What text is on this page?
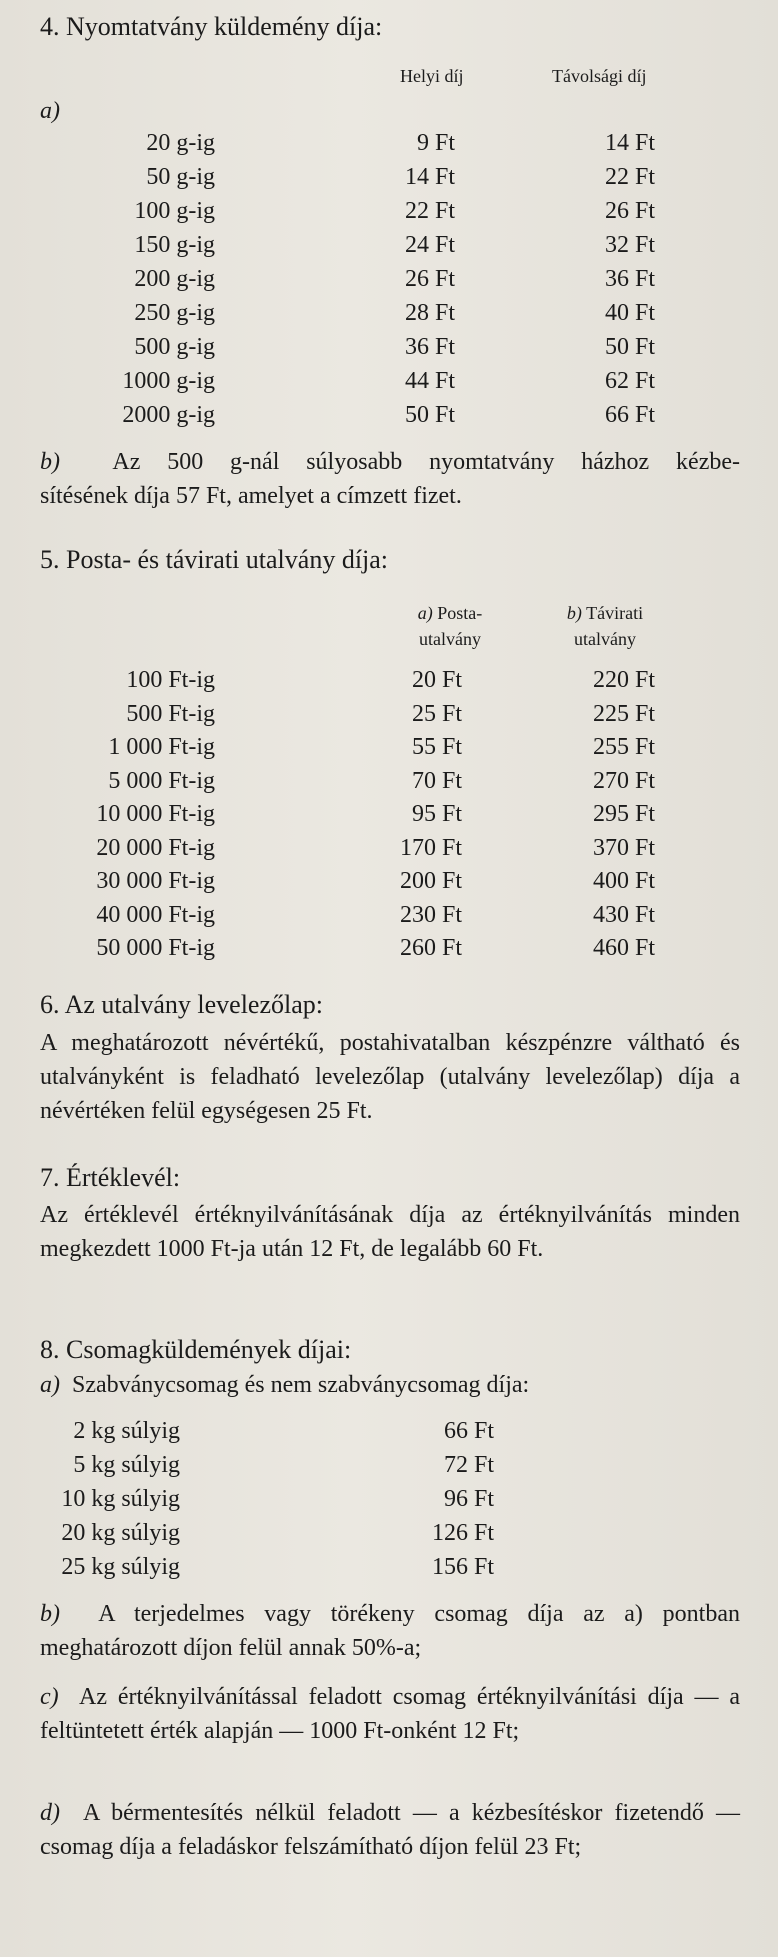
4. Nyomtatvány küldemény díja:
Helyi díj	Távolsági díj
a)
20 g-ig	9 Ft	14 Ft
50 g-ig	14 Ft	22 Ft
100 g-ig	22 Ft	26 Ft
150 g-ig	24 Ft	32 Ft
200 g-ig	26 Ft	36 Ft
250 g-ig	28 Ft	40 Ft
500 g-ig	36 Ft	50 Ft
1000 g-ig	44 Ft	62 Ft
2000 g-ig	50 Ft	66 Ft
b) Az 500 g-nál súlyosabb nyomtatvány házhoz kézbe-
sítésének díja 57 Ft, amelyet a címzett fizet.
5. Posta- és távirati utalvány díja:
a) Posta-
utalvány
b) Távirati
utalvány
100 Ft-ig	20 Ft	220 Ft
500 Ft-ig	25 Ft	225 Ft
1 000 Ft-ig	55 Ft	255 Ft
5 000 Ft-ig	70 Ft	270 Ft
10 000 Ft-ig	95 Ft	295 Ft
20 000 Ft-ig	170 Ft	370 Ft
30 000 Ft-ig	200 Ft	400 Ft
40 000 Ft-ig	230 Ft	430 Ft
50 000 Ft-ig	260 Ft	460 Ft
6. Az utalvány levelezőlap:
A meghatározott névértékű, postahivatalban készpénzre váltható és utalványként is feladható levelezőlap (utalvány levelezőlap) díja a névértéken felül egységesen 25 Ft.
7. Értéklevél:
Az értéklevél értéknyilvánításának díja az értéknyilvánítás minden megkezdett 1000 Ft-ja után 12 Ft, de legalább 60 Ft.
8. Csomagküldemények díjai:
a) Szabványcsomag és nem szabványcsomag díja:
2 kg súlyig	66 Ft
5 kg súlyig	72 Ft
10 kg súlyig	96 Ft
20 kg súlyig	126 Ft
25 kg súlyig	156 Ft
b) A terjedelmes vagy törékeny csomag díja az a) pontban meghatározott díjon felül annak 50%-a;
c) Az értéknyilvánítással feladott csomag értéknyilvánítási díja — a feltüntetett érték alapján — 1000 Ft-onként 12 Ft;
d) A bérmentesítés nélkül feladott — a kézbesítéskor fizetendő — csomag díja a feladáskor felszámítható díjon felül 23 Ft;
